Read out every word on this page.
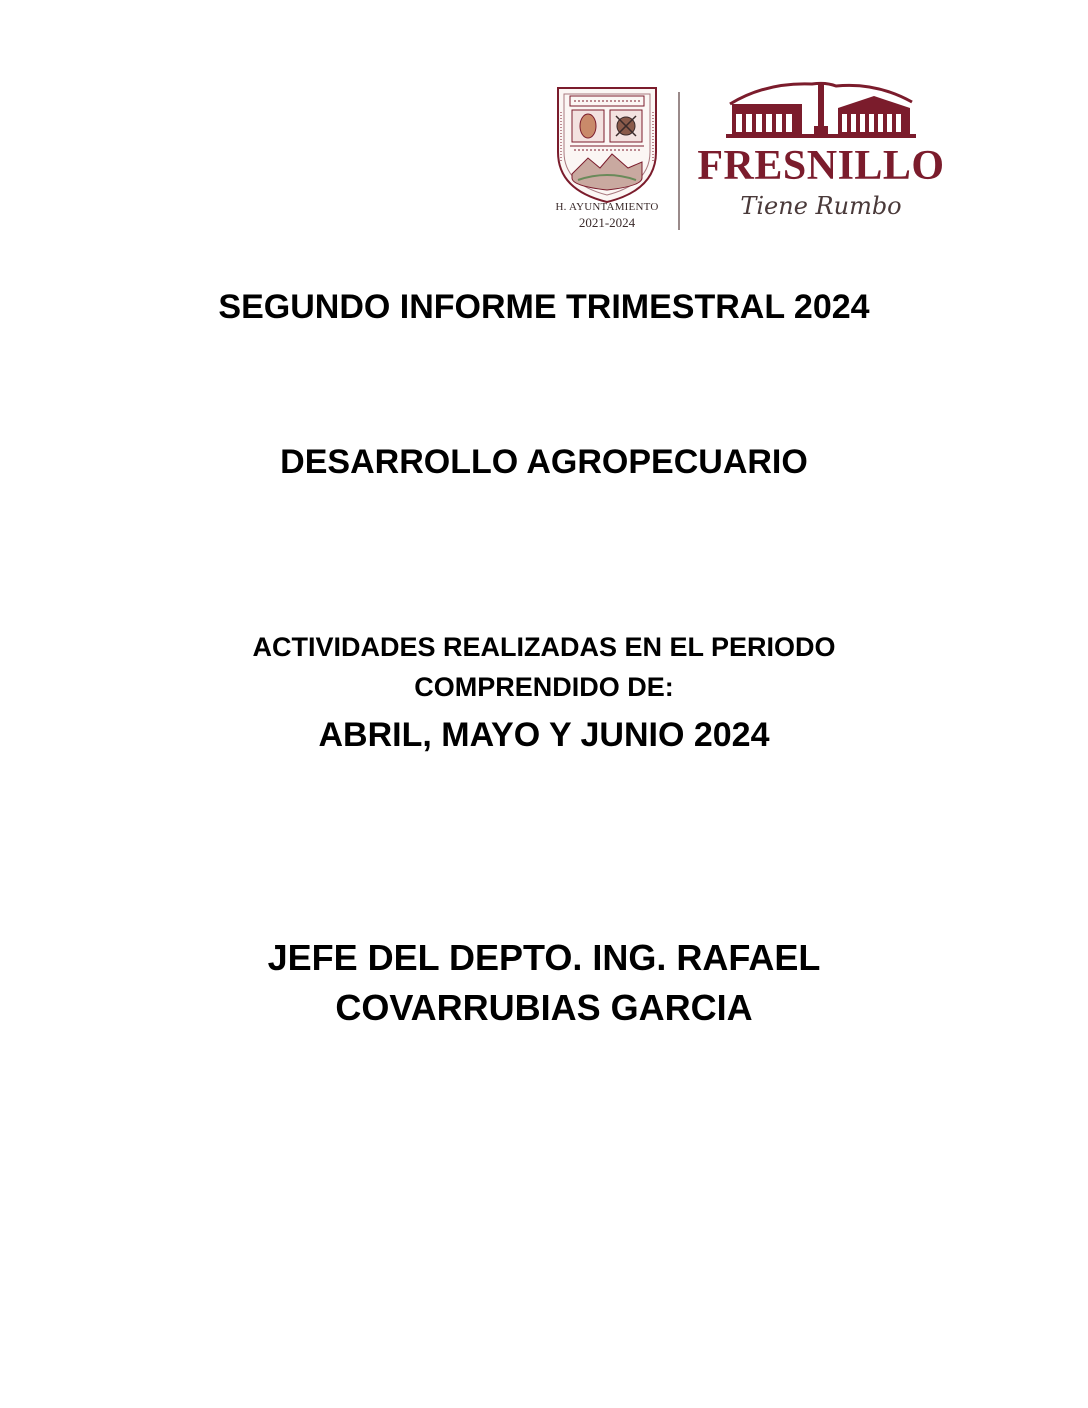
H. AYUNTAMIENTO
2021-2024
FRESNILLO
Tiene Rumbo
SEGUNDO INFORME TRIMESTRAL 2024
DESARROLLO AGROPECUARIO
ACTIVIDADES REALIZADAS EN EL PERIODO
COMPRENDIDO DE:
ABRIL, MAYO Y JUNIO 2024
JEFE DEL DEPTO. ING. RAFAEL
COVARRUBIAS GARCIA
